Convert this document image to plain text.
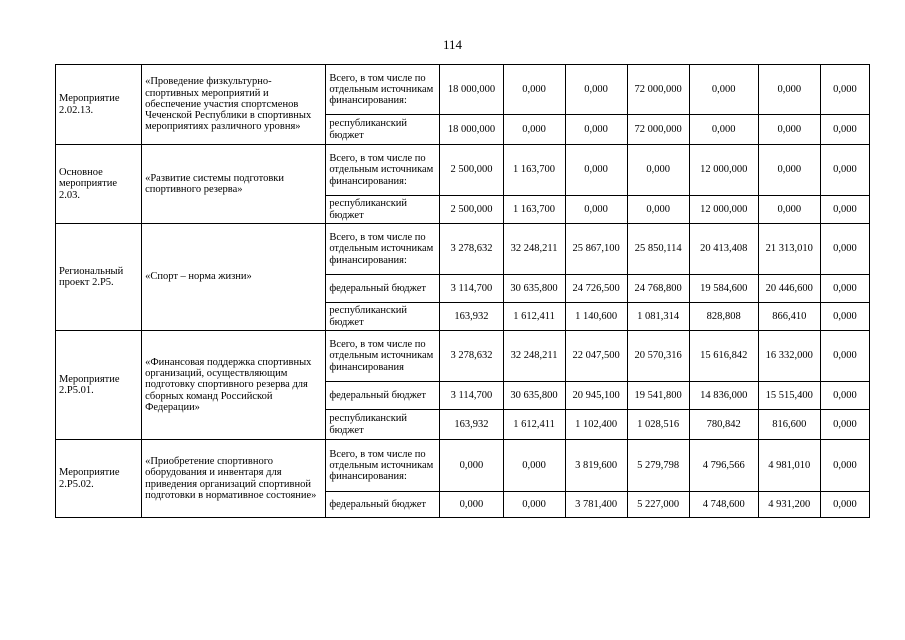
114
Мероприятие 2.02.13.	«Проведение физкультурно-спортивных мероприятий и обеспечение участия спортсменов Чеченской Республики в спортивных мероприятиях различного уровня»	Всего, в том числе по отдельным источникам финансирования:	18 000,000	0,000	0,000	72 000,000	0,000	0,000	0,000
		республиканский бюджет	18 000,000	0,000	0,000	72 000,000	0,000	0,000	0,000
Основное мероприятие 2.03.	«Развитие системы подготовки спортивного резерва»	Всего, в том числе по отдельным источникам финансирования:	2 500,000	1 163,700	0,000	0,000	12 000,000	0,000	0,000
		республиканский бюджет	2 500,000	1 163,700	0,000	0,000	12 000,000	0,000	0,000
Региональный проект 2.Р5.	«Спорт – норма жизни»	Всего, в том числе по отдельным источникам финансирования:	3 278,632	32 248,211	25 867,100	25 850,114	20 413,408	21 313,010	0,000
		федеральный бюджет	3 114,700	30 635,800	24 726,500	24 768,800	19 584,600	20 446,600	0,000
		республиканский бюджет	163,932	1 612,411	1 140,600	1 081,314	828,808	866,410	0,000
Мероприятие 2.Р5.01.	«Финансовая поддержка спортивных организаций, осуществляющим подготовку спортивного резерва для сборных команд Российской Федерации»	Всего, в том числе по отдельным источникам финансирования	3 278,632	32 248,211	22 047,500	20 570,316	15 616,842	16 332,000	0,000
		федеральный бюджет	3 114,700	30 635,800	20 945,100	19 541,800	14 836,000	15 515,400	0,000
		республиканский бюджет	163,932	1 612,411	1 102,400	1 028,516	780,842	816,600	0,000
Мероприятие 2.Р5.02.	«Приобретение спортивного оборудования и инвентаря для приведения организаций спортивной подготовки в нормативное состояние»	Всего, в том числе по отдельным источникам финансирования:	0,000	0,000	3 819,600	5 279,798	4 796,566	4 981,010	0,000
		федеральный бюджет	0,000	0,000	3 781,400	5 227,000	4 748,600	4 931,200	0,000
